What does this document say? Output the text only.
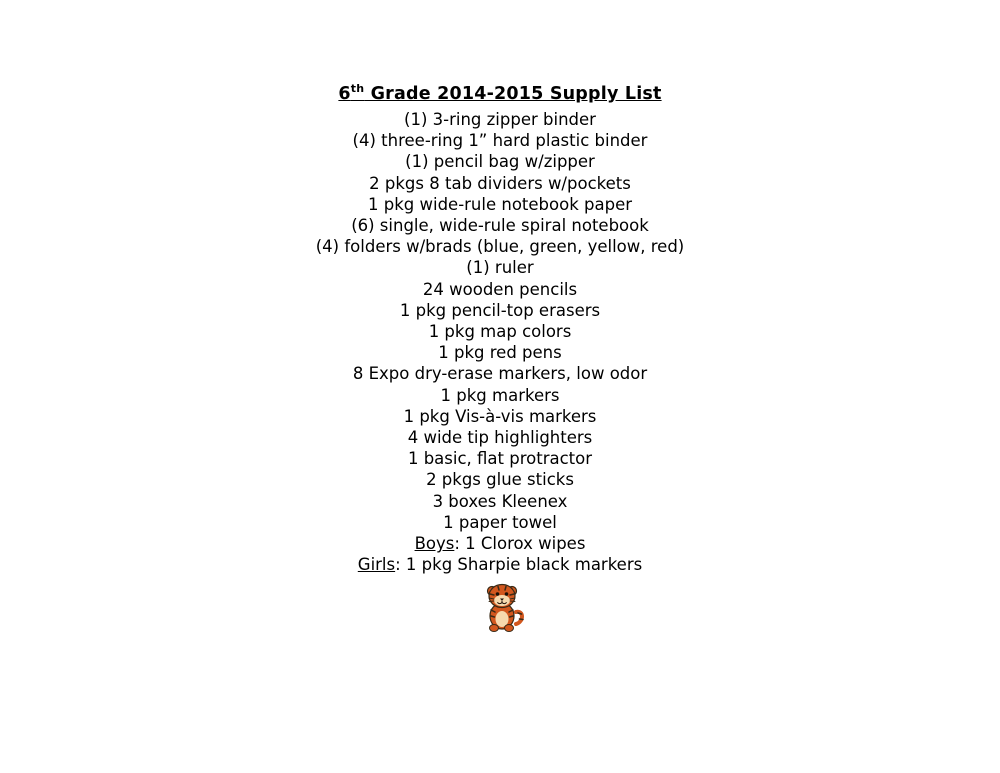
6th Grade 2014-2015 Supply List
(1) 3-ring zipper binder
(4) three-ring 1” hard plastic binder
(1) pencil bag w/zipper
2 pkgs 8 tab dividers w/pockets
1 pkg wide-rule notebook paper
(6) single, wide-rule spiral notebook
(4) folders w/brads (blue, green, yellow, red)
(1) ruler
24 wooden pencils
1 pkg pencil-top erasers
1 pkg map colors
1 pkg red pens
8 Expo dry-erase markers, low odor
1 pkg markers
1 pkg Vis-à-vis markers
4 wide tip highlighters
1 basic, flat protractor
2 pkgs glue sticks
3 boxes Kleenex
1 paper towel
Boys: 1 Clorox wipes
Girls: 1 pkg Sharpie black markers
